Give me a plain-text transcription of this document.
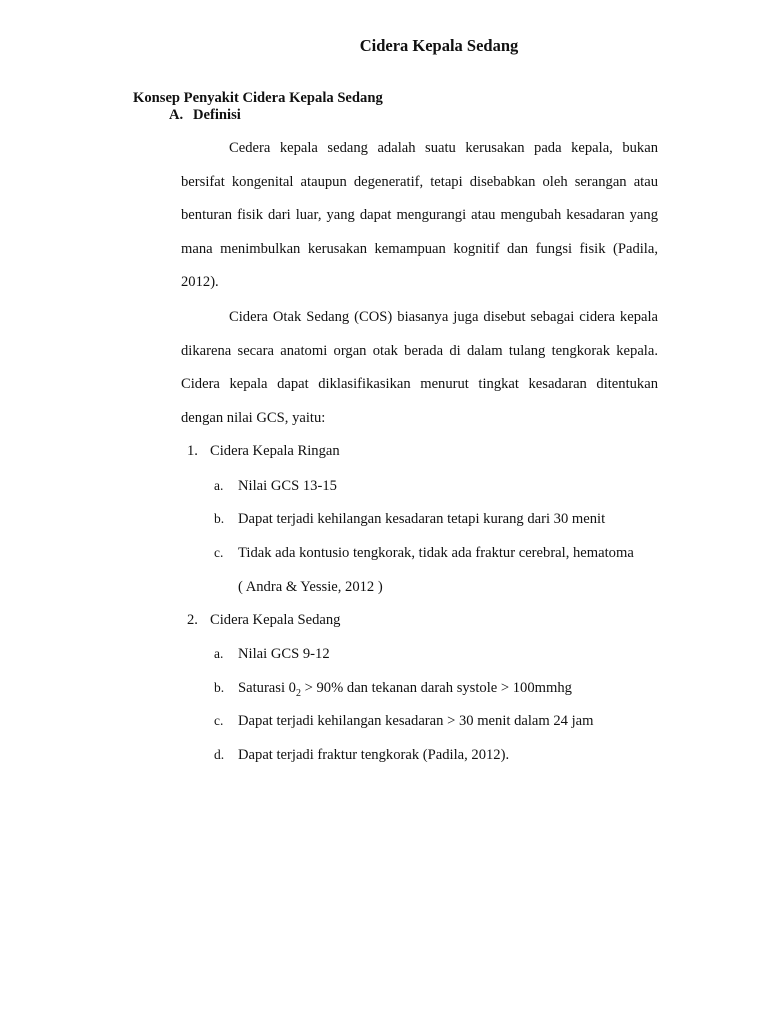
Cidera Kepala Sedang
Konsep Penyakit Cidera Kepala Sedang
A. Definisi

Cedera kepala sedang adalah suatu kerusakan pada kepala, bukan bersifat kongenital ataupun degeneratif, tetapi disebabkan oleh serangan atau benturan fisik dari luar, yang dapat mengurangi atau mengubah kesadaran yang mana menimbulkan kerusakan kemampuan kognitif dan fungsi fisik (Padila, 2012).

Cidera Otak Sedang (COS) biasanya juga disebut sebagai cidera kepala dikarena secara anatomi organ otak berada di dalam tulang tengkorak kepala. Cidera kepala dapat diklasifikasikan menurut tingkat kesadaran ditentukan dengan nilai GCS, yaitu:

1. Cidera Kepala Ringan
a. Nilai GCS 13-15
b. Dapat terjadi kehilangan kesadaran tetapi kurang dari 30 menit
c. Tidak ada kontusio tengkorak, tidak ada fraktur cerebral, hematoma
( Andra & Yessie, 2012 )
2. Cidera Kepala Sedang
a. Nilai GCS 9-12
b. Saturasi $0_2 > 90\%$ dan tekanan darah systole > 100mmhg
c. Dapat terjadi kehilangan kesadaran > 30 menit dalam 24 jam
d. Dapat terjadi fraktur tengkorak (Padila, 2012).
